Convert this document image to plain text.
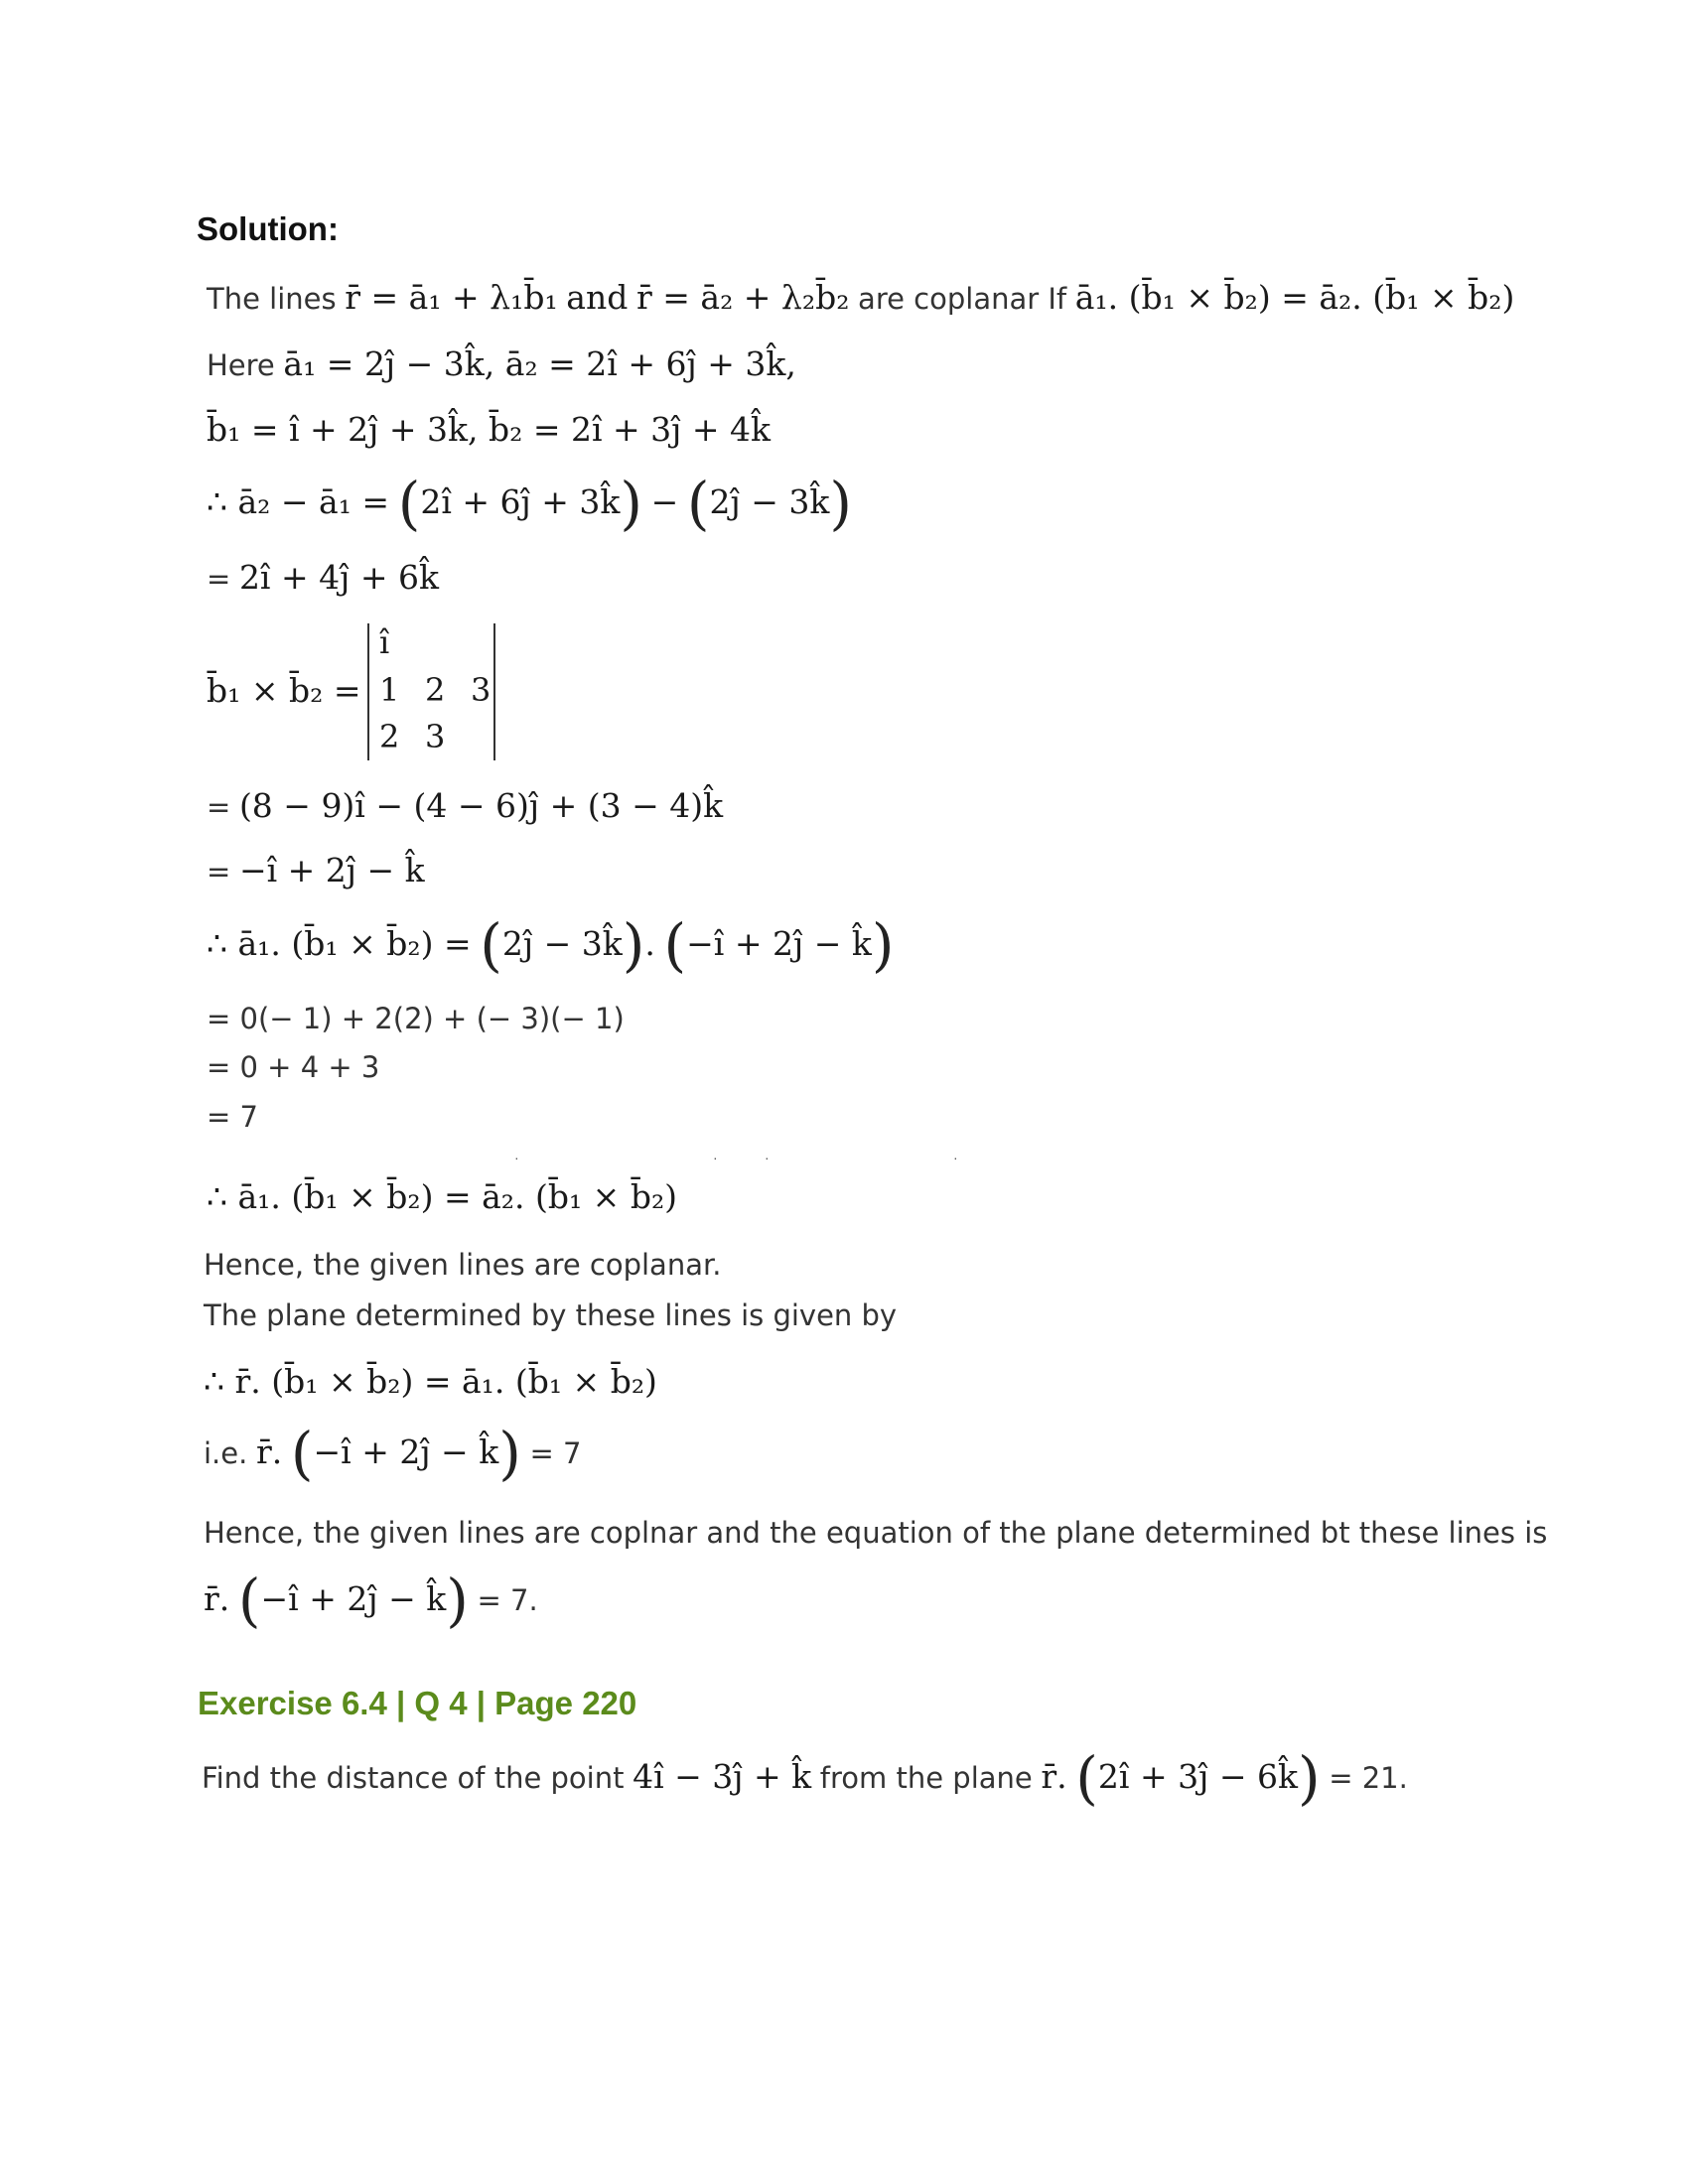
Solution:
The lines r̄ = ā₁ + λ₁b̄₁ and r̄ = ā₂ + λ₂b̄₂ are coplanar If ā₁. (b̄₁ × b̄₂) = ā₂. (b̄₁ × b̄₂)
Here ā₁ = 2ĵ − 3k̂, ā₂ = 2î + 6ĵ + 3k̂,
b̄₁ = î + 2ĵ + 3k̂, b̄₂ = 2î + 3ĵ + 4k̂
∴ ā₂ − ā₁ = (2î + 6ĵ + 3k̂) − (2ĵ − 3k̂)
= 2î + 4ĵ + 6k̂
b̄₁ × b̄₂ =
î
1 2 3
2 3
= (8 − 9)î − (4 − 6)ĵ + (3 − 4)k̂
= −î + 2ĵ − k̂
∴ ā₁. (b̄₁ × b̄₂) = (2ĵ − 3k̂). (−î + 2ĵ − k̂)
= 0(− 1) + 2(2) + (− 3)(− 1)
= 0 + 4 + 3
= 7
·	·	·	·
∴ ā₁. (b̄₁ × b̄₂) = ā₂. (b̄₁ × b̄₂)
Hence, the given lines are coplanar.
The plane determined by these lines is given by
∴ r̄. (b̄₁ × b̄₂) = ā₁. (b̄₁ × b̄₂)
i.e. r̄. (−î + 2ĵ − k̂) = 7
Hence, the given lines are coplnar and the equation of the plane determined bt these lines is
r̄. (−î + 2ĵ − k̂) = 7.
Exercise 6.4 | Q 4 | Page 220
Find the distance of the point 4î − 3ĵ + k̂ from the plane r̄. (2î + 3ĵ − 6k̂) = 21.
